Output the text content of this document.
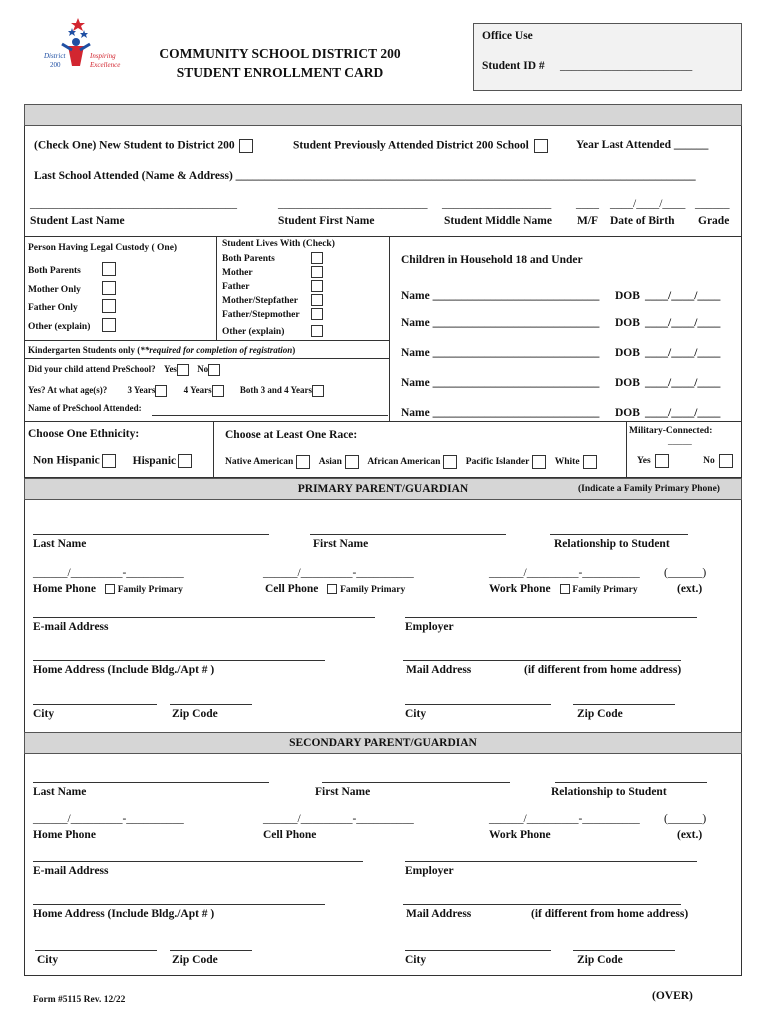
District
200
Inspiring
Excellence
COMMUNITY SCHOOL DISTRICT 200
STUDENT ENROLLMENT CARD
Office Use
Student ID # _______________________
(Check One) New Student to District 200	Student Previously Attended District 200 School	Year Last Attended ______
Last School Attended (Name & Address) ________________________________________________________________________________
____________________________________	__________________________ ___________________ ____ ____/____/____ ______
Student Last Name	Student First Name	Student Middle Name M/F Date of Birth Grade
Person Having Legal Custody ( One)
Both Parents
Mother Only
Father Only
Other (explain)
Student Lives With (Check)
Both Parents
Mother
Father
Mother/Stepfather
Father/Stepmother
Other (explain)
Children in Household 18 and Under
Name _____________________________ DOB ____/____/____
Name _____________________________ DOB ____/____/____
Name _____________________________ DOB ____/____/____
Name _____________________________ DOB ____/____/____
Name _____________________________ DOB ____/____/____
Kindergarten Students only (**required for completion of registration)
Did your child attend PreSchool? Yes No
Yes? At what age(s)? 3 Years	4 Years	Both 3 and 4 Years
Name of PreSchool Attended:
Choose One Ethnicity:
Non Hispanic	Hispanic
Choose at Least One Race:
Native American	Asian	African American	Pacific Islander	White
Military-Connected:
_____
Yes	No
PRIMARY PARENT/GUARDIAN	(Indicate a Family Primary Phone)
Last Name	First Name	Relationship to Student
______/_________-__________	______/_________-__________	______/_________-__________ (______)
Home Phone Family Primary	Cell Phone Family Primary	Work Phone Family Primary	(ext.)
E-mail Address	Employer
Home Address (Include Bldg./Apt # )	Mail Address	(if different from home address)
City	Zip Code	City	Zip Code
SECONDARY PARENT/GUARDIAN
Last Name	First Name	Relationship to Student
______/_________-__________	______/_________-__________	______/_________-__________ (______)
Home Phone	Cell Phone	Work Phone	(ext.)
E-mail Address	Employer
Home Address (Include Bldg./Apt # )	Mail Address	(if different from home address)
City	Zip Code	City	Zip Code
Form #5115 Rev. 12/22	(OVER)
